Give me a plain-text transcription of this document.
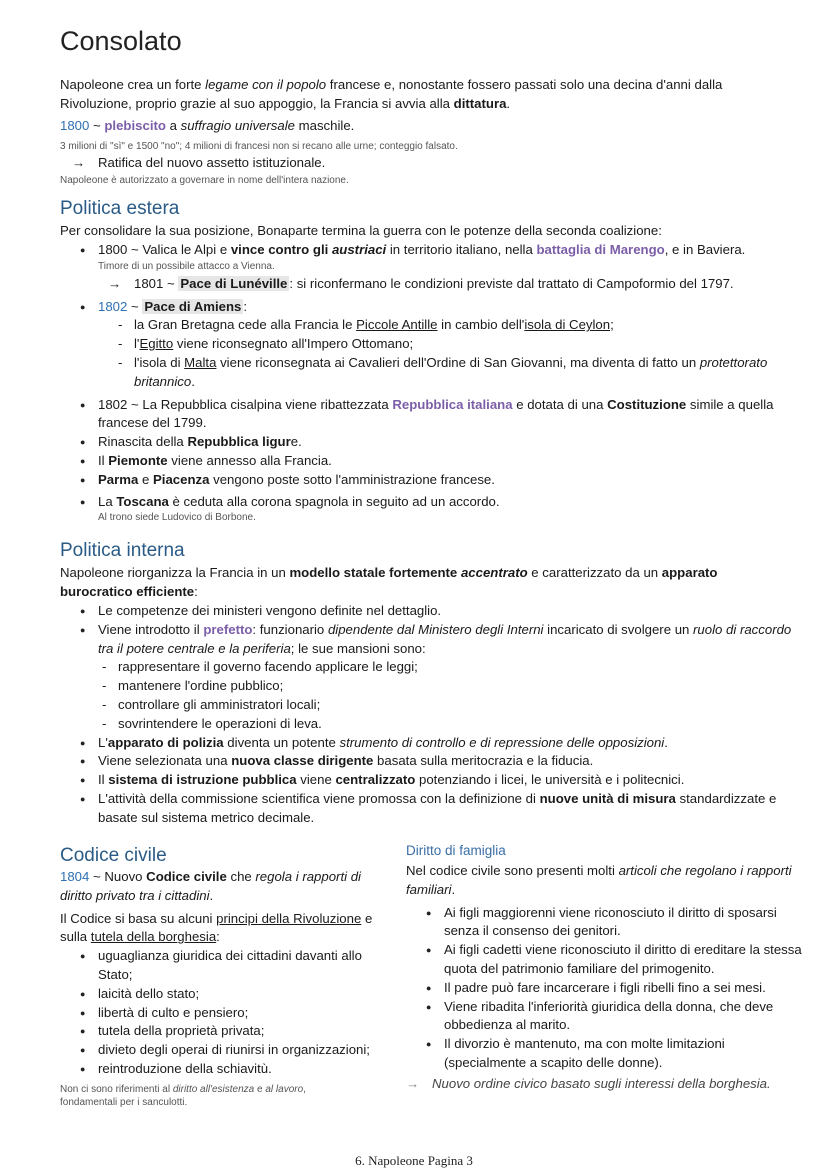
Consolato
Napoleone crea un forte legame con il popolo francese e, nonostante fossero passati solo una decina d'anni dalla Rivoluzione, proprio grazie al suo appoggio, la Francia si avvia alla dittatura.
1800 ~ plebiscito a suffragio universale maschile.
3 milioni di "sì" e 1500 "no"; 4 milioni di francesi non si recano alle urne; conteggio falsato.
→ Ratifica del nuovo assetto istituzionale.
Napoleone è autorizzato a governare in nome dell'intera nazione.
Politica estera
Per consolidare la sua posizione, Bonaparte termina la guerra con le potenze della seconda coalizione:
● 1800 ~ Valica le Alpi e vince contro gli austriaci in territorio italiano, nella battaglia di Marengo, e in Baviera.
Timore di un possibile attacco a Vienna.
→ 1801 ~ Pace di Lunéville : si riconfermano le condizioni previste dal trattato di Campoformio del 1797.
● 1802 ~ Pace di Amiens :
- la Gran Bretagna cede alla Francia le Piccole Antille in cambio dell'isola di Ceylon;
- l'Egitto viene riconsegnato all'Impero Ottomano;
- l'isola di Malta viene riconsegnata ai Cavalieri dell'Ordine di San Giovanni, ma diventa di fatto un protettorato britannico.
● 1802 ~ La Repubblica cisalpina viene ribattezzata Repubblica italiana e dotata di una Costituzione simile a quella francese del 1799.
● Rinascita della Repubblica ligure.
● Il Piemonte viene annesso alla Francia.
● Parma e Piacenza vengono poste sotto l'amministrazione francese.
● La Toscana è ceduta alla corona spagnola in seguito ad un accordo.
Al trono siede Ludovico di Borbone.
Politica interna
Napoleone riorganizza la Francia in un modello statale fortemente accentrato e caratterizzato da un apparato burocratico efficiente:
● Le competenze dei ministeri vengono definite nel dettaglio.
● Viene introdotto il prefetto: funzionario dipendente dal Ministero degli Interni incaricato di svolgere un ruolo di raccordo tra il potere centrale e la periferia; le sue mansioni sono:
- rappresentare il governo facendo applicare le leggi;
- mantenere l'ordine pubblico;
- controllare gli amministratori locali;
- sovrintendere le operazioni di leva.
● L'apparato di polizia diventa un potente strumento di controllo e di repressione delle opposizioni.
● Viene selezionata una nuova classe dirigente basata sulla meritocrazia e la fiducia.
● Il sistema di istruzione pubblica viene centralizzato potenziando i licei, le università e i politecnici.
● L'attività della commissione scientifica viene promossa con la definizione di nuove unità di misura standardizzate e basate sul sistema metrico decimale.
Codice civile

1804 ~ Nuovo Codice civile che regola i rapporti di diritto privato tra i cittadini.

Il Codice si basa su alcuni principi della Rivoluzione e sulla tutela della borghesia:

● uguaglianza giuridica dei cittadini davanti allo Stato;
● laicità dello stato;
● libertà di culto e pensiero;
● tutela della proprietà privata;
● divieto degli operai di riunirsi in organizzazioni;
● reintroduzione della schiavitù.
Non ci sono riferimenti al diritto all'esistenza e al lavoro, fondamentali per i sanculotti.
Diritto di famiglia

Nel codice civile sono presenti molti articoli che regolano i rapporti familiari.

● Ai figli maggiorenni viene riconosciuto il diritto di sposarsi senza il consenso dei genitori.
● Ai figli cadetti viene riconosciuto il diritto di ereditare la stessa quota del patrimonio familiare del primogenito.
● Il padre può fare incarcerare i figli ribelli fino a sei mesi.
● Viene ribadita l'inferiorità giuridica della donna, che deve obbedienza al marito.
● Il divorzio è mantenuto, ma con molte limitazioni (specialmente a scapito delle donne).

→ Nuovo ordine civico basato sugli interessi della borghesia.

6. Napoleone Pagina 3
